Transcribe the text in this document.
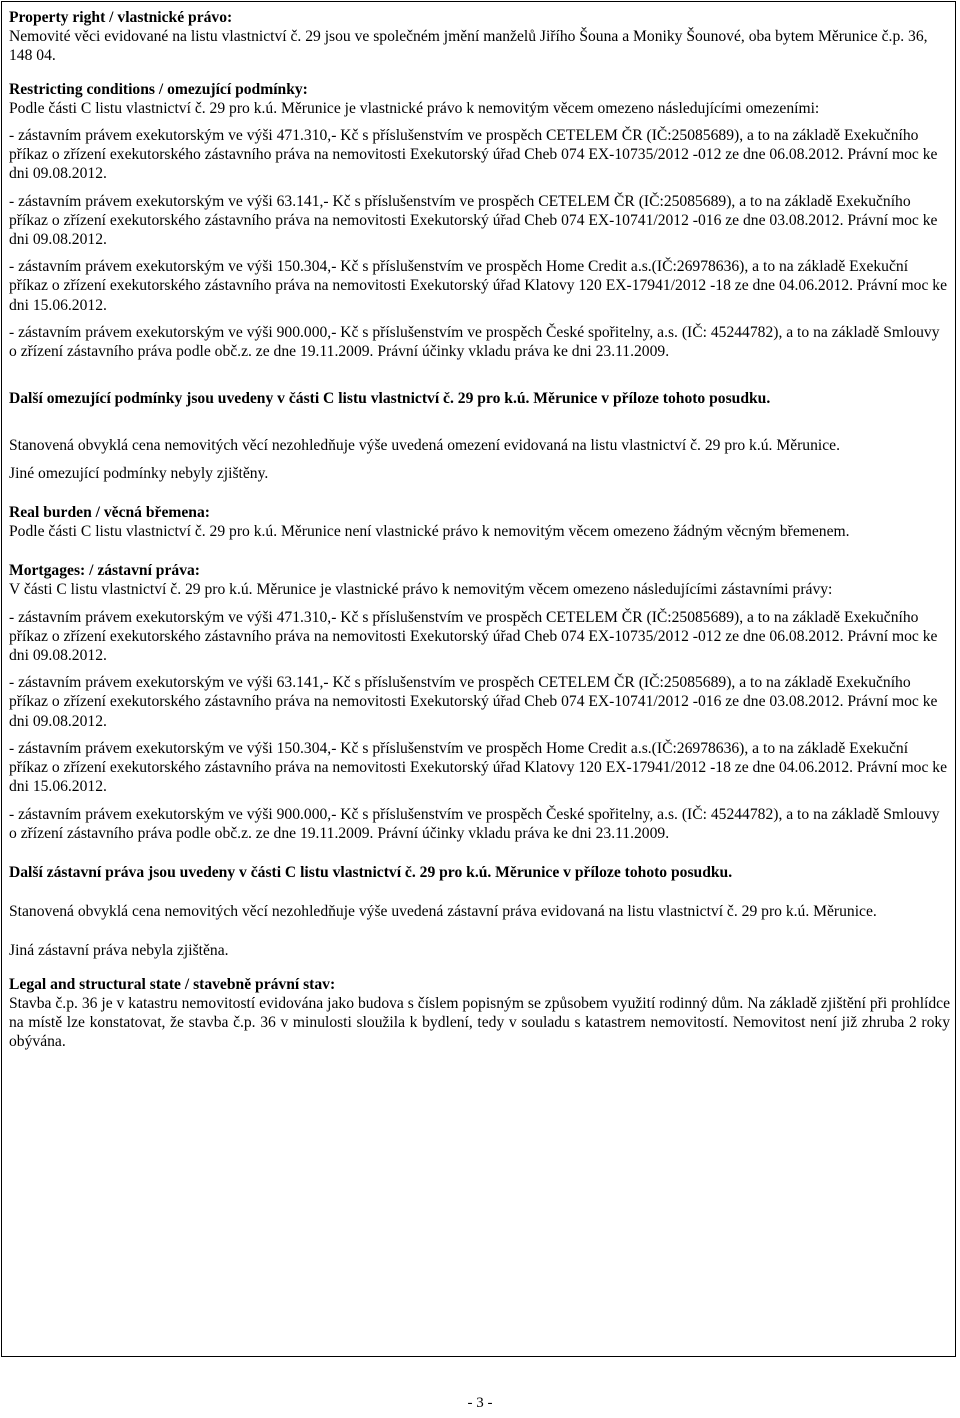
Property right / vlastnické právo:

Nemovité věci evidované na listu vlastnictví č. 29 jsou ve společném jmění manželů Jiřího Šouna a Moniky Šounové, oba bytem Měrunice č.p. 36, 148 04.

Restricting conditions / omezující podmínky:

Podle části C listu vlastnictví č. 29 pro k.ú. Měrunice je vlastnické právo k nemovitým věcem omezeno následujícími omezeními:

- zástavním právem exekutorským ve výši 471.310,- Kč s příslušenstvím ve prospěch CETELEM ČR (IČ:25085689), a to na základě Exekučního příkaz o zřízení exekutorského zástavního práva na nemovitosti Exekutorský úřad Cheb 074 EX-10735/2012 -012 ze dne 06.08.2012. Právní moc ke dni 09.08.2012.

- zástavním právem exekutorským ve výši 63.141,- Kč s příslušenstvím ve prospěch CETELEM ČR (IČ:25085689), a to na základě Exekučního příkaz o zřízení exekutorského zástavního práva na nemovitosti Exekutorský úřad Cheb 074 EX-10741/2012 -016 ze dne 03.08.2012. Právní moc ke dni 09.08.2012.

- zástavním právem exekutorským ve výši 150.304,- Kč s příslušenstvím ve prospěch Home Credit a.s.(IČ:26978636), a to na základě Exekuční příkaz o zřízení exekutorského zástavního práva na nemovitosti Exekutorský úřad Klatovy 120 EX-17941/2012 -18 ze dne 04.06.2012. Právní moc ke dni 15.06.2012.

- zástavním právem exekutorským ve výši 900.000,- Kč s příslušenstvím ve prospěch České spořitelny, a.s. (IČ: 45244782), a to na základě Smlouvy o zřízení zástavního práva podle obč.z. ze dne 19.11.2009. Právní účinky vkladu práva ke dni 23.11.2009.

Další omezující podmínky jsou uvedeny v části C listu vlastnictví č. 29 pro k.ú. Měrunice v příloze tohoto posudku.

Stanovená obvyklá cena nemovitých věcí nezohledňuje výše uvedená omezení evidovaná na listu vlastnictví č. 29 pro k.ú. Měrunice.

Jiné omezující podmínky nebyly zjištěny.

Real burden / věcná břemena:

Podle části C listu vlastnictví č. 29 pro k.ú. Měrunice není vlastnické právo k nemovitým věcem omezeno žádným věcným břemenem.

Mortgages: / zástavní práva:

V části C listu vlastnictví č. 29 pro k.ú. Měrunice je vlastnické právo k nemovitým věcem omezeno následujícími zástavními právy:

- zástavním právem exekutorským ve výši 471.310,- Kč s příslušenstvím ve prospěch CETELEM ČR (IČ:25085689), a to na základě Exekučního příkaz o zřízení exekutorského zástavního práva na nemovitosti Exekutorský úřad Cheb 074 EX-10735/2012 -012 ze dne 06.08.2012. Právní moc ke dni 09.08.2012.

- zástavním právem exekutorským ve výši 63.141,- Kč s příslušenstvím ve prospěch CETELEM ČR (IČ:25085689), a to na základě Exekučního příkaz o zřízení exekutorského zástavního práva na nemovitosti Exekutorský úřad Cheb 074 EX-10741/2012 -016 ze dne 03.08.2012. Právní moc ke dni 09.08.2012.

- zástavním právem exekutorským ve výši 150.304,- Kč s příslušenstvím ve prospěch Home Credit a.s.(IČ:26978636), a to na základě Exekuční příkaz o zřízení exekutorského zástavního práva na nemovitosti Exekutorský úřad Klatovy 120 EX-17941/2012 -18 ze dne 04.06.2012. Právní moc ke dni 15.06.2012.

- zástavním právem exekutorským ve výši 900.000,- Kč s příslušenstvím ve prospěch České spořitelny, a.s. (IČ: 45244782), a to na základě Smlouvy o zřízení zástavního práva podle obč.z. ze dne 19.11.2009. Právní účinky vkladu práva ke dni 23.11.2009.

Další zástavní práva jsou uvedeny v části C listu vlastnictví č. 29 pro k.ú. Měrunice v příloze tohoto posudku.

Stanovená obvyklá cena nemovitých věcí nezohledňuje výše uvedená zástavní práva evidovaná na listu vlastnictví č. 29 pro k.ú. Měrunice.

Jiná zástavní práva nebyla zjištěna.

Legal and structural state / stavebně právní stav:

Stavba č.p. 36 je v katastru nemovitostí evidována jako budova s číslem popisným se způsobem využití rodinný dům. Na základě zjištění při prohlídce na místě lze konstatovat, že stavba č.p. 36 v minulosti sloužila k bydlení, tedy v souladu s katastrem nemovitostí. Nemovitost není již zhruba 2 roky obývána.

- 3 -
